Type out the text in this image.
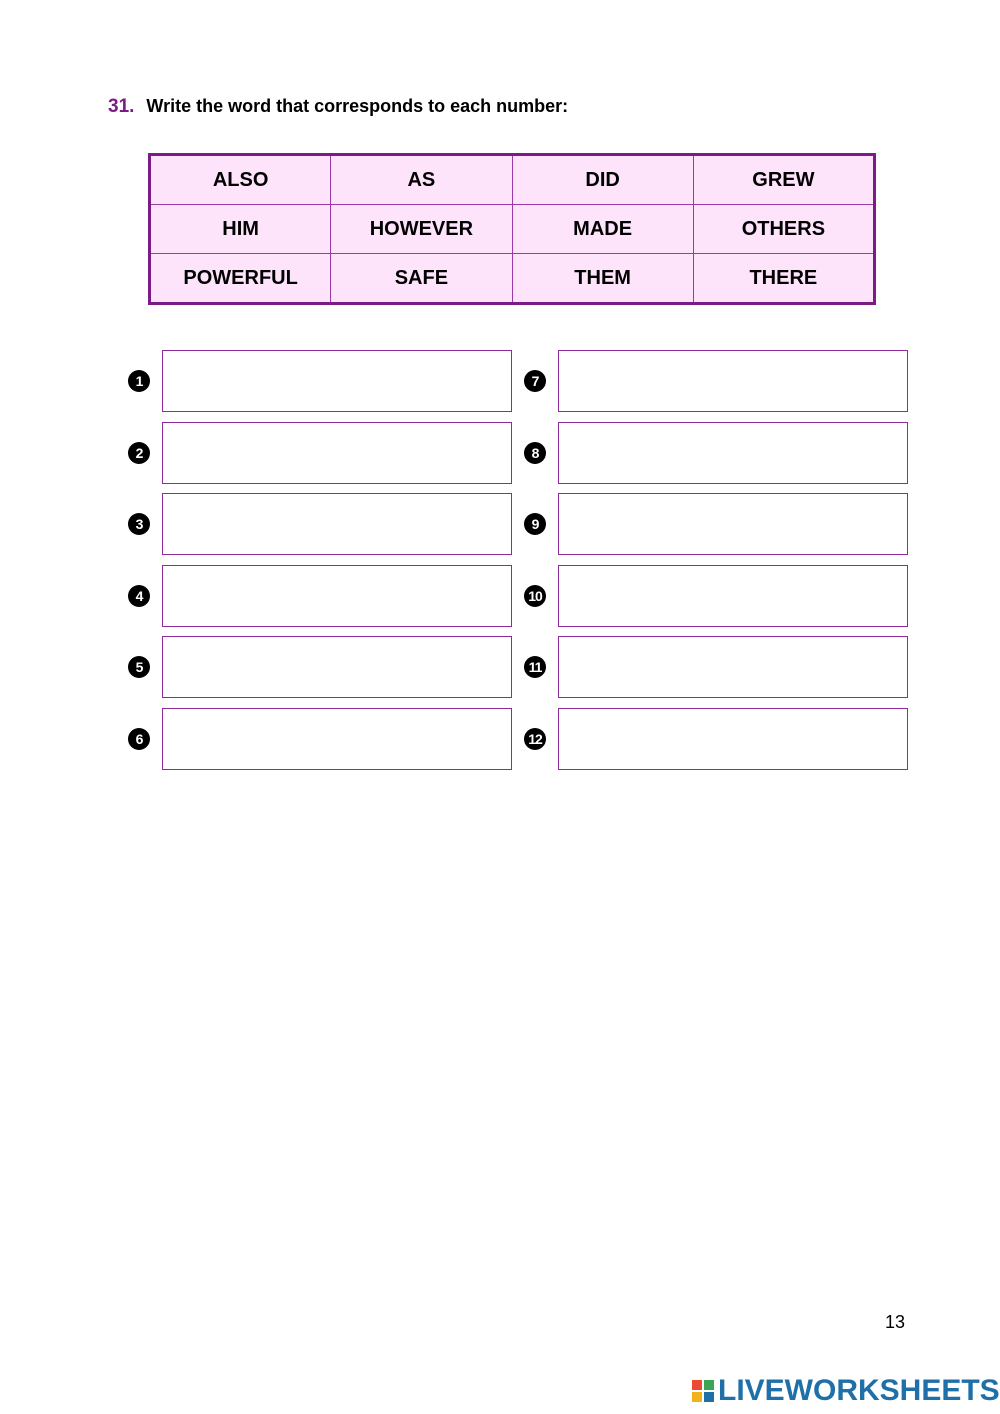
31. Write the word that corresponds to each number:
ALSO	AS	DID	GREW
HIM	HOWEVER	MADE	OTHERS
POWERFUL	SAFE	THEM	THERE
1
2
3
4
5
6
7
8
9
10
11
12
13
LIVEWORKSHEETS
